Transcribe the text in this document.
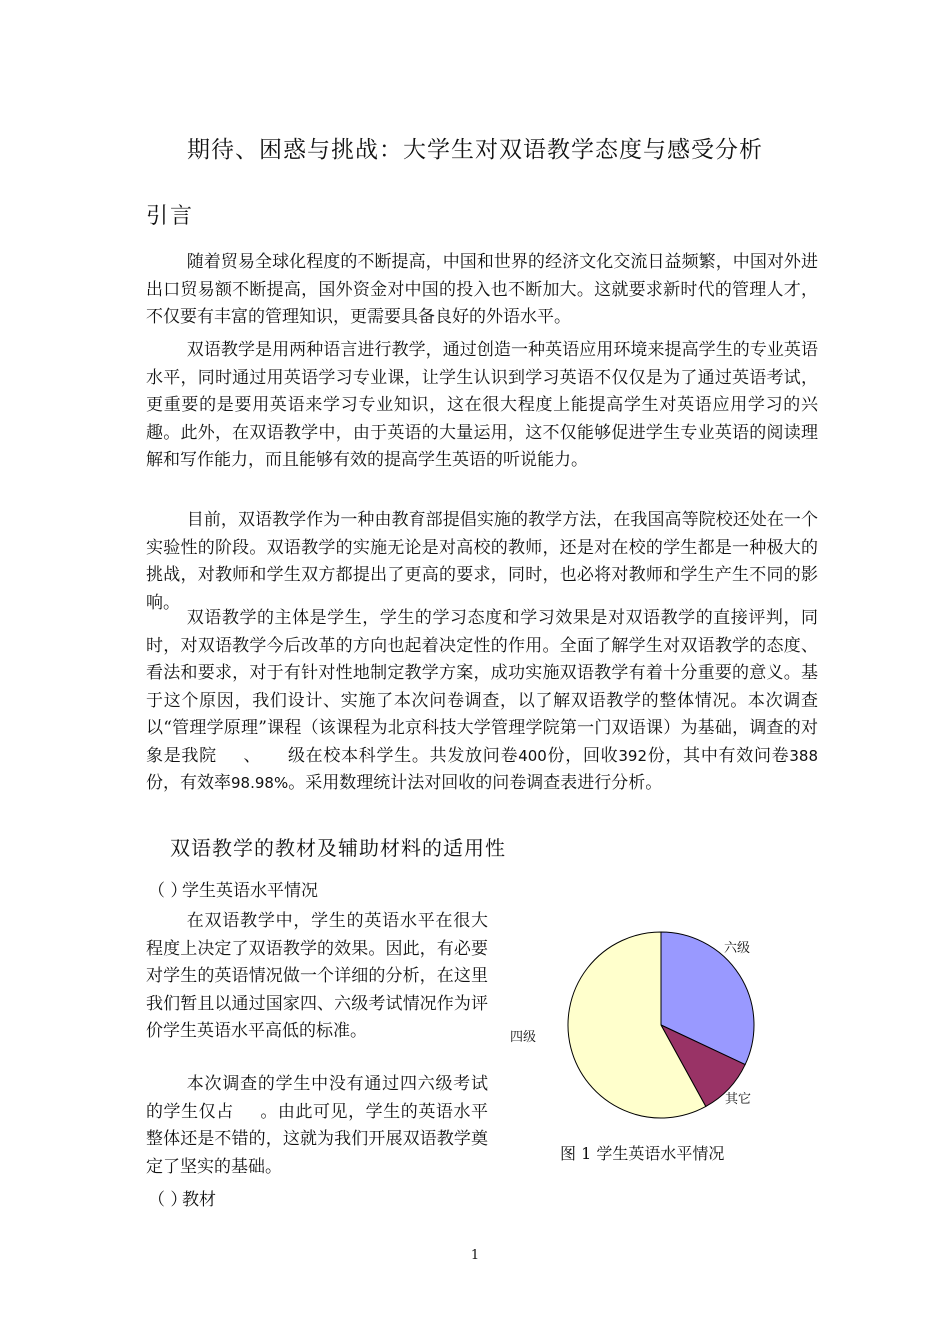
期待、困惑与挑战：大学生对双语教学态度与感受分析
引言

随着贸易全球化程度的不断提高，中国和世界的经济文化交流日益频繁，中国对外进出口贸易额不断提高，国外资金对中国的投入也不断加大。这就要求新时代的管理人才，不仅要有丰富的管理知识，更需要具备良好的外语水平。

双语教学是用两种语言进行教学，通过创造一种英语应用环境来提高学生的专业英语水平，同时通过用英语学习专业课，让学生认识到学习英语不仅仅是为了通过英语考试，更重要的是要用英语来学习专业知识，这在很大程度上能提高学生对英语应用学习的兴趣。此外，在双语教学中，由于英语的大量运用，这不仅能够促进学生专业英语的阅读理解和写作能力，而且能够有效的提高学生英语的听说能力。

目前，双语教学作为一种由教育部提倡实施的教学方法，在我国高等院校还处在一个实验性的阶段。双语教学的实施无论是对高校的教师，还是对在校的学生都是一种极大的挑战，对教师和学生双方都提出了更高的要求，同时，也必将对教师和学生产生不同的影响。

双语教学的主体是学生，学生的学习态度和学习效果是对双语教学的直接评判，同时，对双语教学今后改革的方向也起着决定性的作用。全面了解学生对双语教学的态度、看法和要求，对于有针对性地制定教学方案，成功实施双语教学有着十分重要的意义。基于这个原因，我们设计、实施了本次问卷调查，以了解双语教学的整体情况。本次调查以“管理学原理”课程（该课程为北京科技大学管理学院第一门双语课）为基础，调查的对象是我院 、 级在校本科学生。共发放问卷400份，回收392份，其中有效问卷388份，有效率98.98%。采用数理统计法对回收的问卷调查表进行分析。

双语教学的教材及辅助材料的适用性
（ ）学生英语水平情况

在双语教学中，学生的英语水平在很大程度上决定了双语教学的效果。因此，有必要对学生的英语情况做一个详细的分析，在这里我们暂且以通过国家四、六级考试情况作为评价学生英语水平高低的标准。

本次调查的学生中没有通过四六级考试的学生仅占 。由此可见，学生的英语水平整体还是不错的，这就为我们开展双语教学奠定了坚实的基础。

六级
其它
四级
图 1 学生英语水平情况
（ ）教材
1
